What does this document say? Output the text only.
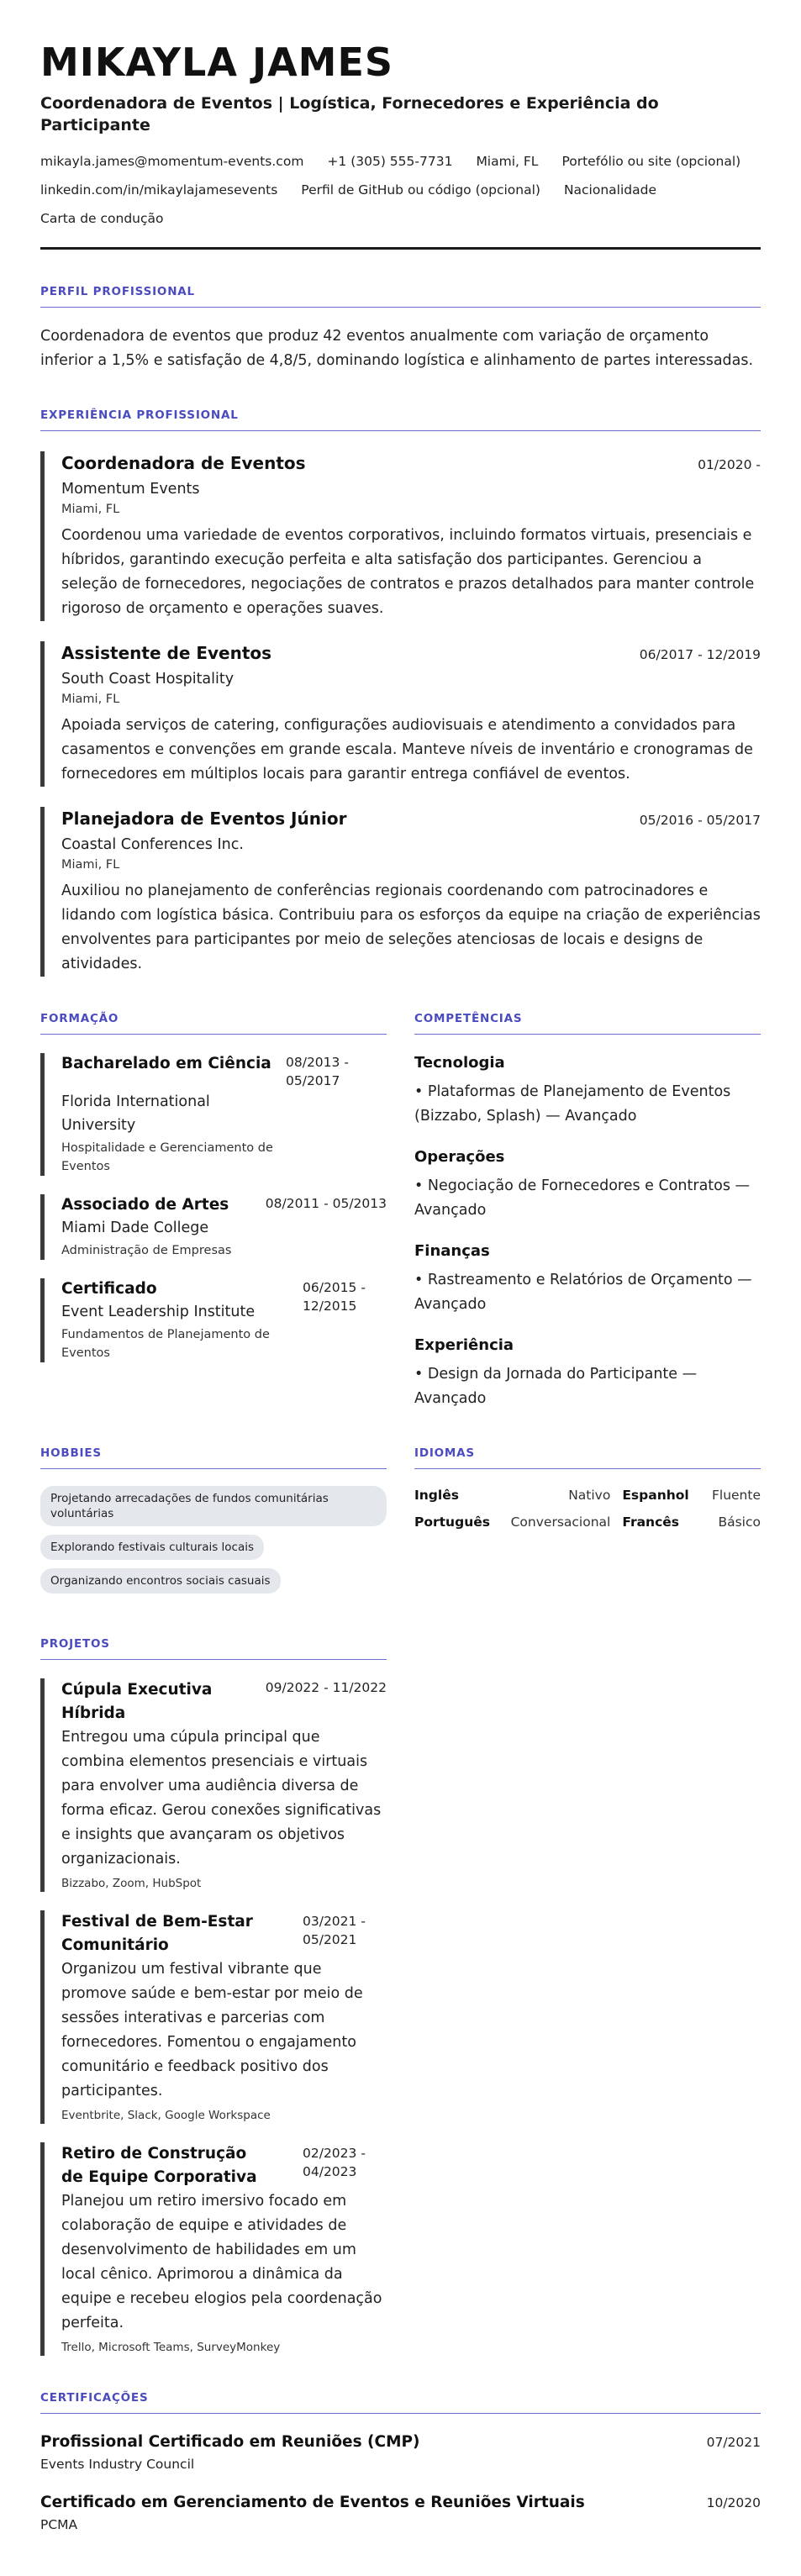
MIKAYLA JAMES
Coordenadora de Eventos | Logística, Fornecedores e Experiência do Participante
mikayla.james@momentum-events.com +1 (305) 555-7731 Miami, FL Portefólio ou site (opcional)
linkedin.com/in/mikaylajamesevents Perfil de GitHub ou código (opcional) Nacionalidade
Carta de condução
PERFIL PROFISSIONAL

Coordenadora de eventos que produz 42 eventos anualmente com variação de orçamento inferior a 1,5% e satisfação de 4,8/5, dominando logística e alinhamento de partes interessadas.

EXPERIÊNCIA PROFISSIONAL
Coordenadora de Eventos	01/2020 -
Momentum Events
Miami, FL

Coordenou uma variedade de eventos corporativos, incluindo formatos virtuais, presenciais e híbridos, garantindo execução perfeita e alta satisfação dos participantes. Gerenciou a seleção de fornecedores, negociações de contratos e prazos detalhados para manter controle rigoroso de orçamento e operações suaves.

Assistente de Eventos	06/2017 - 12/2019
South Coast Hospitality
Miami, FL

Apoiada serviços de catering, configurações audiovisuais e atendimento a convidados para casamentos e convenções em grande escala. Manteve níveis de inventário e cronogramas de fornecedores em múltiplos locais para garantir entrega confiável de eventos.

Planejadora de Eventos Júnior	05/2016 - 05/2017
Coastal Conferences Inc.
Miami, FL

Auxiliou no planejamento de conferências regionais coordenando com patrocinadores e lidando com logística básica. Contribuiu para os esforços da equipe na criação de experiências envolventes para participantes por meio de seleções atenciosas de locais e designs de atividades.

FORMAÇÃO
Bacharelado em Ciência 08/2013 - 05/2017
Florida International University
Hospitalidade e Gerenciamento de Eventos
Associado de Artes	08/2011 - 05/2013
Miami Dade College
Administração de Empresas
Certificado
Event Leadership Institute
06/2015 - 12/2015
Fundamentos de Planejamento de Eventos
COMPETÊNCIAS
Tecnologia
• Plataformas de Planejamento de Eventos (Bizzabo, Splash) — Avançado
Operações
• Negociação de Fornecedores e Contratos — Avançado
Finanças
• Rastreamento e Relatórios de Orçamento — Avançado
Experiência
• Design da Jornada do Participante — Avançado
HOBBIES
Projetando arrecadações de fundos comunitárias voluntárias
Explorando festivais culturais locais
Organizando encontros sociais casuais
IDIOMAS
Inglês	Nativo Espanhol	Fluente
Português	Conversacional Francês	Básico
PROJETOS
Cúpula Executiva Híbrida
09/2022 - 11/2022

Entregou uma cúpula principal que combina elementos presenciais e virtuais para envolver uma audiência diversa de forma eficaz. Gerou conexões significativas e insights que avançaram os objetivos organizacionais.

Bizzabo, Zoom, HubSpot
Festival de Bem-Estar Comunitário
03/2021 - 05/2021

Organizou um festival vibrante que promove saúde e bem-estar por meio de sessões interativas e parcerias com fornecedores. Fomentou o engajamento comunitário e feedback positivo dos participantes.

Eventbrite, Slack, Google Workspace
Retiro de Construção de Equipe Corporativa
02/2023 - 04/2023

Planejou um retiro imersivo focado em colaboração de equipe e atividades de desenvolvimento de habilidades em um local cênico. Aprimorou a dinâmica da equipe e recebeu elogios pela coordenação perfeita.

Trello, Microsoft Teams, SurveyMonkey
CERTIFICAÇÕES
Profissional Certificado em Reuniões (CMP)	07/2021
Events Industry Council
Certificado em Gerenciamento de Eventos e Reuniões Virtuais	10/2020
PCMA
